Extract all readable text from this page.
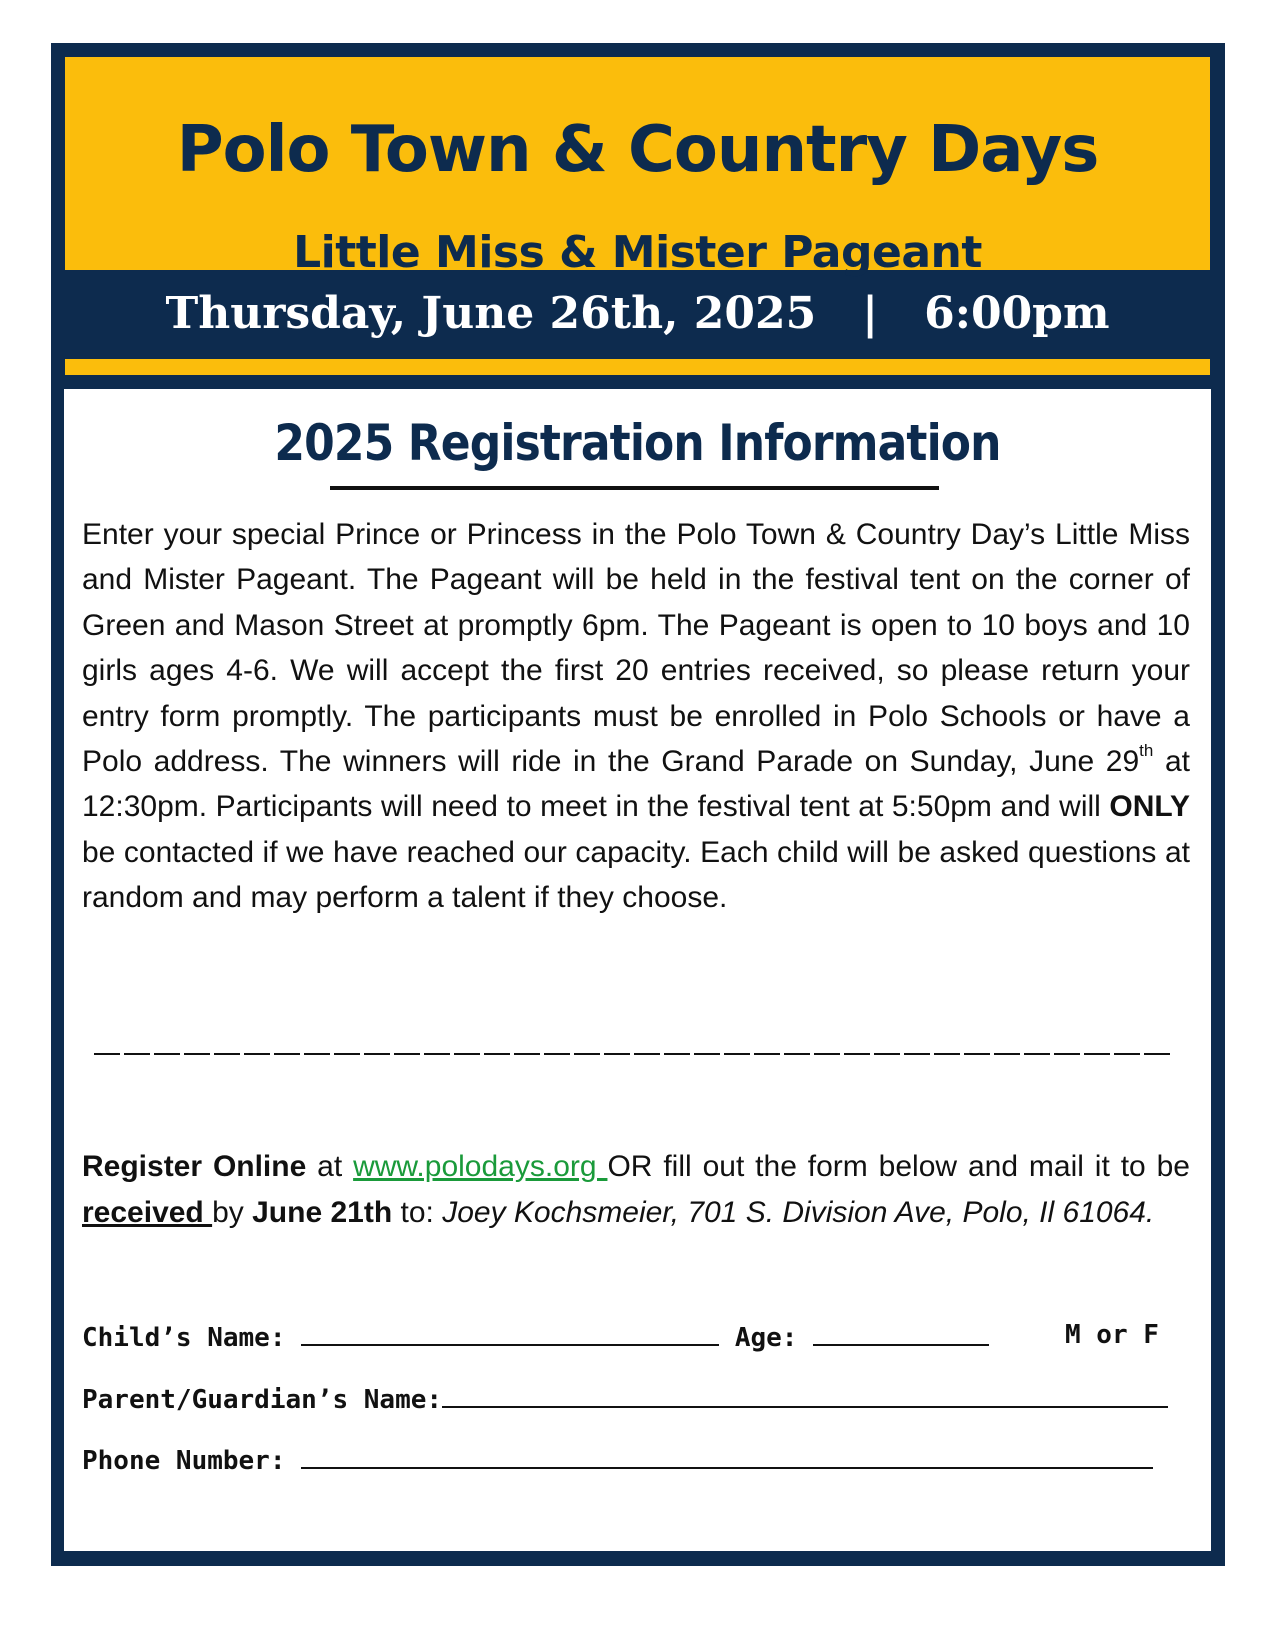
Polo Town & Country Days
Little Miss & Mister Pageant
Thursday, June 26th, 2025   |   6:00pm
2025 Registration Information
Enter your special Prince or Princess in the Polo Town & Country Day’s Little Miss and Mister Pageant. The Pageant will be held in the festival tent on the corner of Green and Mason Street at promptly 6pm. The Pageant is open to 10 boys and 10 girls ages 4-6. We will accept the first 20 entries received, so please return your entry form promptly. The participants must be enrolled in Polo Schools or have a Polo address. The winners will ride in the Grand Parade on Sunday, June 29th at 12:30pm. Participants will need to meet in the festival tent at 5:50pm and will ONLY be contacted if we have reached our capacity. Each child will be asked questions at random and may perform a talent if they choose.
Register Online at www.polodays.org OR fill out the form below and mail it to be received by June 21th to: Joey Kochsmeier, 701 S. Division Ave, Polo, Il 61064.
Child’s Name:	Age:	M or F
Parent/Guardian’s Name:
Phone Number:
